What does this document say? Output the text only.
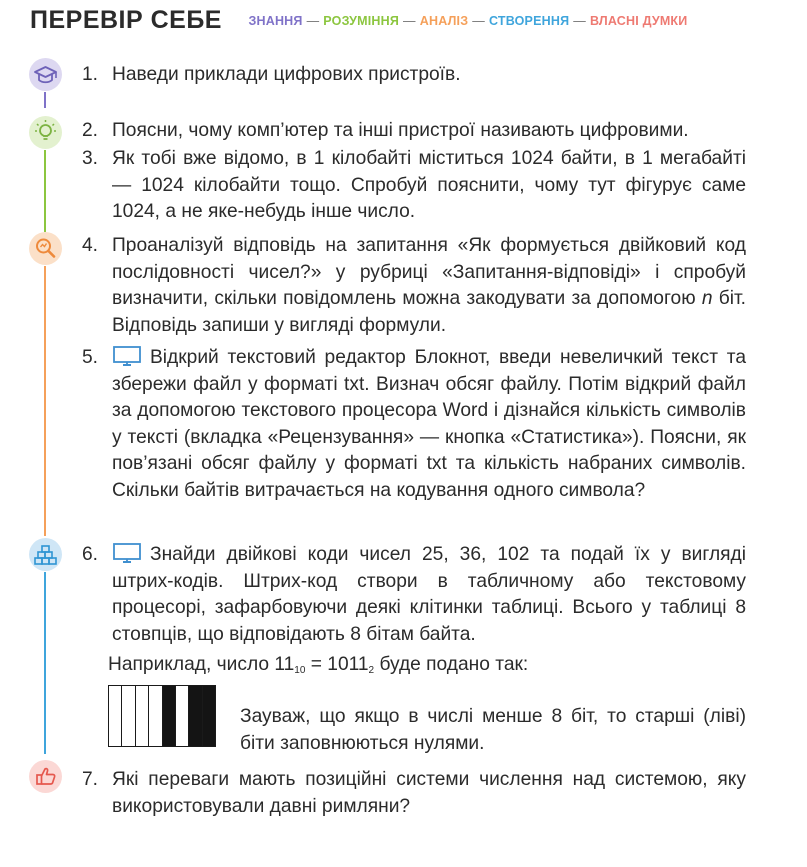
ПЕРЕВІР СЕБЕ ЗНАННЯ — РОЗУМІННЯ — АНАЛІЗ — СТВОРЕННЯ — ВЛАСНІ ДУМКИ
1. Наведи приклади цифрових пристроїв.
2. Поясни, чому комп’ютер та інші пристрої називають цифровими.
3. Як тобі вже відомо, в 1 кілобайті міститься 1024 байти, в 1 мегабайті — 1024 кілобайти тощо. Спробуй пояснити, чому тут фігурує саме 1024, а не яке-небудь інше число.
4. Проаналізуй відповідь на запитання «Як формується двійковий код послідовності чисел?» у рубриці «Запитання-відповіді» і спробуй визначити, скільки повідомлень можна закодувати за допомогою n біт. Відповідь запиши у вигляді формули.
5.	Відкрий текстовий редактор Блокнот, введи невеличкий текст та збережи файл у форматі txt. Визнач обсяг файлу. Потім відкрий файл за допомогою текстового процесора Word і дізнайся кількість символів у тексті (вкладка «Рецензування» — кнопка «Статистика»). Поясни, як пов’язані обсяг файлу у форматі txt та кількість набраних символів. Скільки байтів витрачається на кодування одного символа?
6.	Знайди двійкові коди чисел 25, 36, 102 та подай їх у вигляді штрих-кодів. Штрих-код створи в табличному або текстовому процесорі, зафарбовуючи деякі клітинки таблиці. Всього у таблиці 8 стовпців, що відповідають 8 бітам байта.
Наприклад, число $11_{10} = 1011_2$ буде подано так:
Зауваж, що якщо в числі менше 8 біт, то старші (ліві) біти заповнюються нулями.
7. Які переваги мають позиційні системи числення над системою, яку використовували давні римляни?
